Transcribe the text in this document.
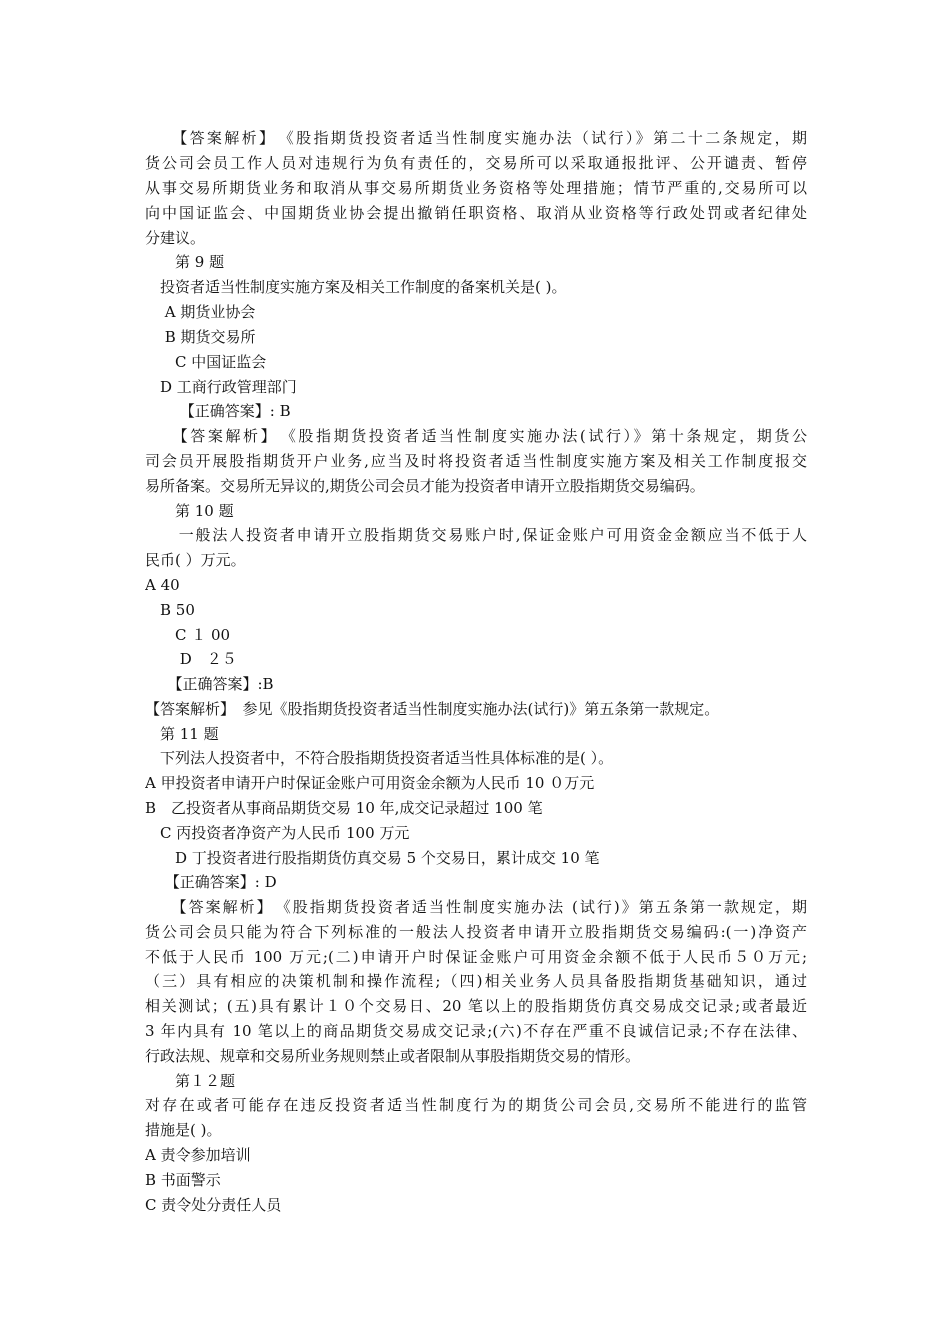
　　【答案解析】　《股指期货投资者适当性制度实施办法（试行）》第二十二条规定，期
货公司会员工作人员对违规行为负有责任的，交易所可以采取通报批评、公开谴责、暂停
从事交易所期货业务和取消从事交易所期货业务资格等处理措施；情节严重的,交易所可以
向中国证监会、中国期货业协会提出撤销任职资格、取消从业资格等行政处罚或者纪律处
分建议。
　　第 9 题
　投资者适当性制度实施方案及相关工作制度的备案机关是( )。
　 A 期货业协会
　 B 期货交易所
　　C 中国证监会
　D 工商行政管理部门
　　 【正确答案】: B
　　【答案解析】　《股指期货投资者适当性制度实施办法(试行）》第十条规定，期货公
司会员开展股指期货开户业务,应当及时将投资者适当性制度实施方案及相关工作制度报交
易所备案。交易所无异议的,期货公司会员才能为投资者申请开立股指期货交易编码。
　　第 10 题
　　一般法人投资者申请开立股指期货交易账户时,保证金账户可用资金金额应当不低于人
民币( ）万元。
A 40
　B 50
　　C １ 00
　　 D　２５
　　【正确答案】:B
【答案解析】　参见《股指期货投资者适当性制度实施办法(试行)》第五条第一款规定。
　第 11 题
　下列法人投资者中，不符合股指期货投资者适当性具体标准的是( ）。
A 甲投资者申请开户时保证金账户可用资金余额为人民币 10 ０万元
B　乙投资者从事商品期货交易 10 年,成交记录超过 100 笔
　C 丙投资者净资产为人民币 100 万元
　　D 丁投资者进行股指期货仿真交易 5 个交易日，累计成交 10 笔
　 【正确答案】: D
　　【答案解析】　《股指期货投资者适当性制度实施办法 (试行)》第五条第一款规定，期
货公司会员只能为符合下列标准的一般法人投资者申请开立股指期货交易编码:(一)净资产
不低于人民币 100 万元;(二)申请开户时保证金账户可用资金余额不低于人民币５０万元;
（三）具有相应的决策机制和操作流程;（四)相关业务人员具备股指期货基础知识，通过
相关测试；(五)具有累计１０个交易日、20 笔以上的股指期货仿真交易成交记录;或者最近
3 年内具有 10 笔以上的商品期货交易成交记录;(六)不存在严重不良诚信记录;不存在法律、
行政法规、规章和交易所业务规则禁止或者限制从事股指期货交易的情形。
　　第１２题
对存在或者可能存在违反投资者适当性制度行为的期货公司会员,交易所不能进行的监管
措施是( )。
A 责令参加培训
B 书面警示
C 责令处分责任人员
